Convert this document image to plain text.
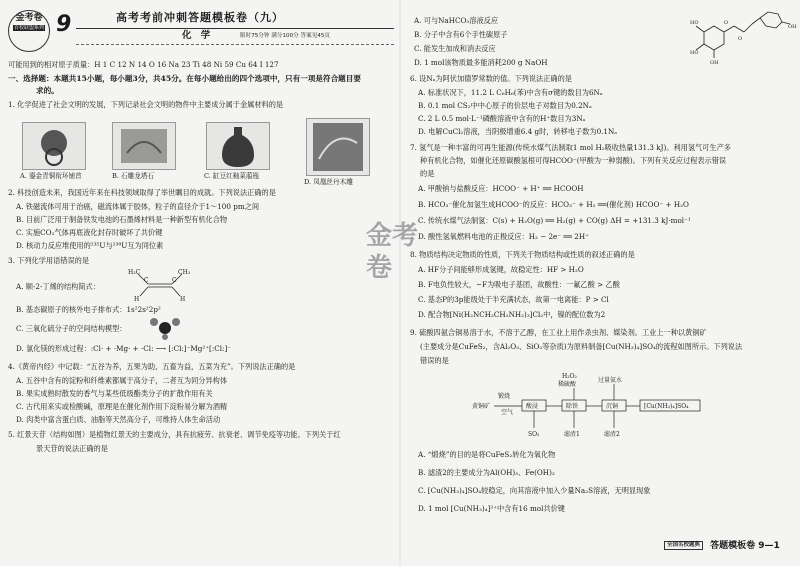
金考卷
百校联盟系列 9	高考考前冲刺答题模板卷（九）
化 学	限时75分钟 满分100分 答案见45页
可能用到的相对原子质量：H 1 C 12 N 14 O 16 Na 23 Ti 48 Ni 59 Cu 64 I 127
一、选择题：本题共15小题，每小题3分，共45分。在每小题给出的四个选项中，只有一项是符合题目要
求的。
1. 化学促进了社会文明的发展，下列记录社会文明的物件中主要成分属于金属材料的是
A. 鎏金青铜衔环铺首	B. 石雕龙塔石	C. 缸豆红釉菜菔瓶
D. 凤凰丝丹木雕
2. 科技创造未来，我国近年来在科技领域取得了举世瞩目的成就。下列说法正确的是
A. 铁磁流体可用于治癌，磁流体属于胶体，粒子的直径介于1～100 pm之间
B. 目前广泛用于制备铁发电池的石墨烯材料是一种新型有机化合物
C. 实施CO₂气体再底液化封存时破坏了共价键
D. 核动力反应堆使用的²³⁵U与²³⁸U互为同位素
3. 下列化学用语错误的是
A. 顺-2-丁烯的结构简式：
H₃C	CH₃
C	C
H	H
B. 基态碳原子的核外电子排布式：1s²2s²2p²
C. 三氧化硫分子的空间结构模型：
D. 氯化镁的形成过程：:Cl· + ·Mg· + ·Cl: ⟶ [:Cl:]⁻Mg²⁺[:Cl:]⁻
4.《黄帝内经》中记载：“五谷为养，五果为助，五畜为益，五菜为充”。下列说法正确的是
A. 五谷中含有的淀粉和纤维素都属于高分子，二者互为同分异构体
B. 果实成熟时散发的香气与某些低级酯类分子的扩散作用有关
C. 古代用来实或检酸碱，原理是在催化剂作用下淀粉易分解为酒精
D. 肉类中富含蛋白质、油脂等天然高分子，可维持人体生命活动
5. 红景天苷（结构如图）是植物红景天的主要成分，具有抗疲劳、抗衰老、调节免疫等功能。下列关于红
景天苷的说法正确的是
A. 可与NaHCO₃溶液反应
B. 分子中含有6个手性碳原子
C. 能发生加成和消去反应
D. 1 mol该物质最多能消耗200 g NaOH
O
O
HO
HO
OH
OH
6. 设Nₐ为阿伏加德罗常数的值。下列说法正确的是
A. 标准状况下，11.2 L C₆H₆(苯)中含有σ键的数目为6Nₐ
B. 0.1 mol CS₂中中心原子的价层电子对数目为0.2Nₐ
C. 2 L 0.5 mol·L⁻¹磷酸溶液中含有的H⁺数目为3Nₐ
D. 电解CuCl₂溶液，当阴极增重6.4 g时，转移电子数为0.1Nₐ
7. 氢气是一种丰富的可再生能源(传统水煤气法制取1 mol H₂吸收热量131.3 kJ)。利用氢气可生产多
种有机化合物，如催化还原碳酸氢根可得HCOO⁻(甲酸为一种弱酸)。下列有关反应过程表示错误
的是
A. 甲酸钠与盐酸反应：HCOO⁻ + H⁺ ══ HCOOH
B. HCO₃⁻催化加氢生成HCOO⁻的反应：HCO₃⁻ + H₂ ══(催化剂) HCOO⁻ + H₂O
C. 传统水煤气法制氢：C(s) + H₂O(g) ══ H₂(g) + CO(g) ΔH = +131.3 kJ·mol⁻¹
D. 酸性氢氧燃料电池的正极反应：H₂ − 2e⁻ ══ 2H⁺
8. 物质结构决定物质的性质，下列关于物质结构或性质的叙述正确的是
A. HF分子间能够形成氢键，故稳定性：HF > H₂O
B. F电负性较大，−F为吸电子基团，故酸性：一氟乙酸 > 乙酸
C. 基态P的3p能级处于半充满状态，故第一电离能：P > Cl
D. 配合物[Ni(H₂NCH₂CH₂NH₂)₃]Cl₂中，镍的配位数为2
9. 硫酸四氨合铜易溶于水，不溶于乙醇，在工业上用作杀虫剂、媒染剂。工业上一种以黄铜矿
(主要成分是CuFeS₂，含Al₂O₃、SiO₂等杂质)为原料制备[Cu(NH₃)₄]SO₄的流程如图所示。下列说法
错误的是
黄铜矿
锻烧
H₂O₂
稀硫酸
过量氨水
空气
酸浸	除铁	沉铜	[Cu(NH₃)₄]SO₄
SO₂	滤渣1	滤渣2
A. “煅烧”的目的是将CuFeS₂转化为氧化物
B. 滤渣2的主要成分为Al(OH)₃、Fe(OH)₃
C. [Cu(NH₃)₄]SO₄较稳定，向其溶液中加入少量Na₂S溶液，无明显现象
D. 1 mol [Cu(NH₃)₄]²⁺中含有16 mol共价键
全国名校题典 答题模板卷 9—1
金考卷
